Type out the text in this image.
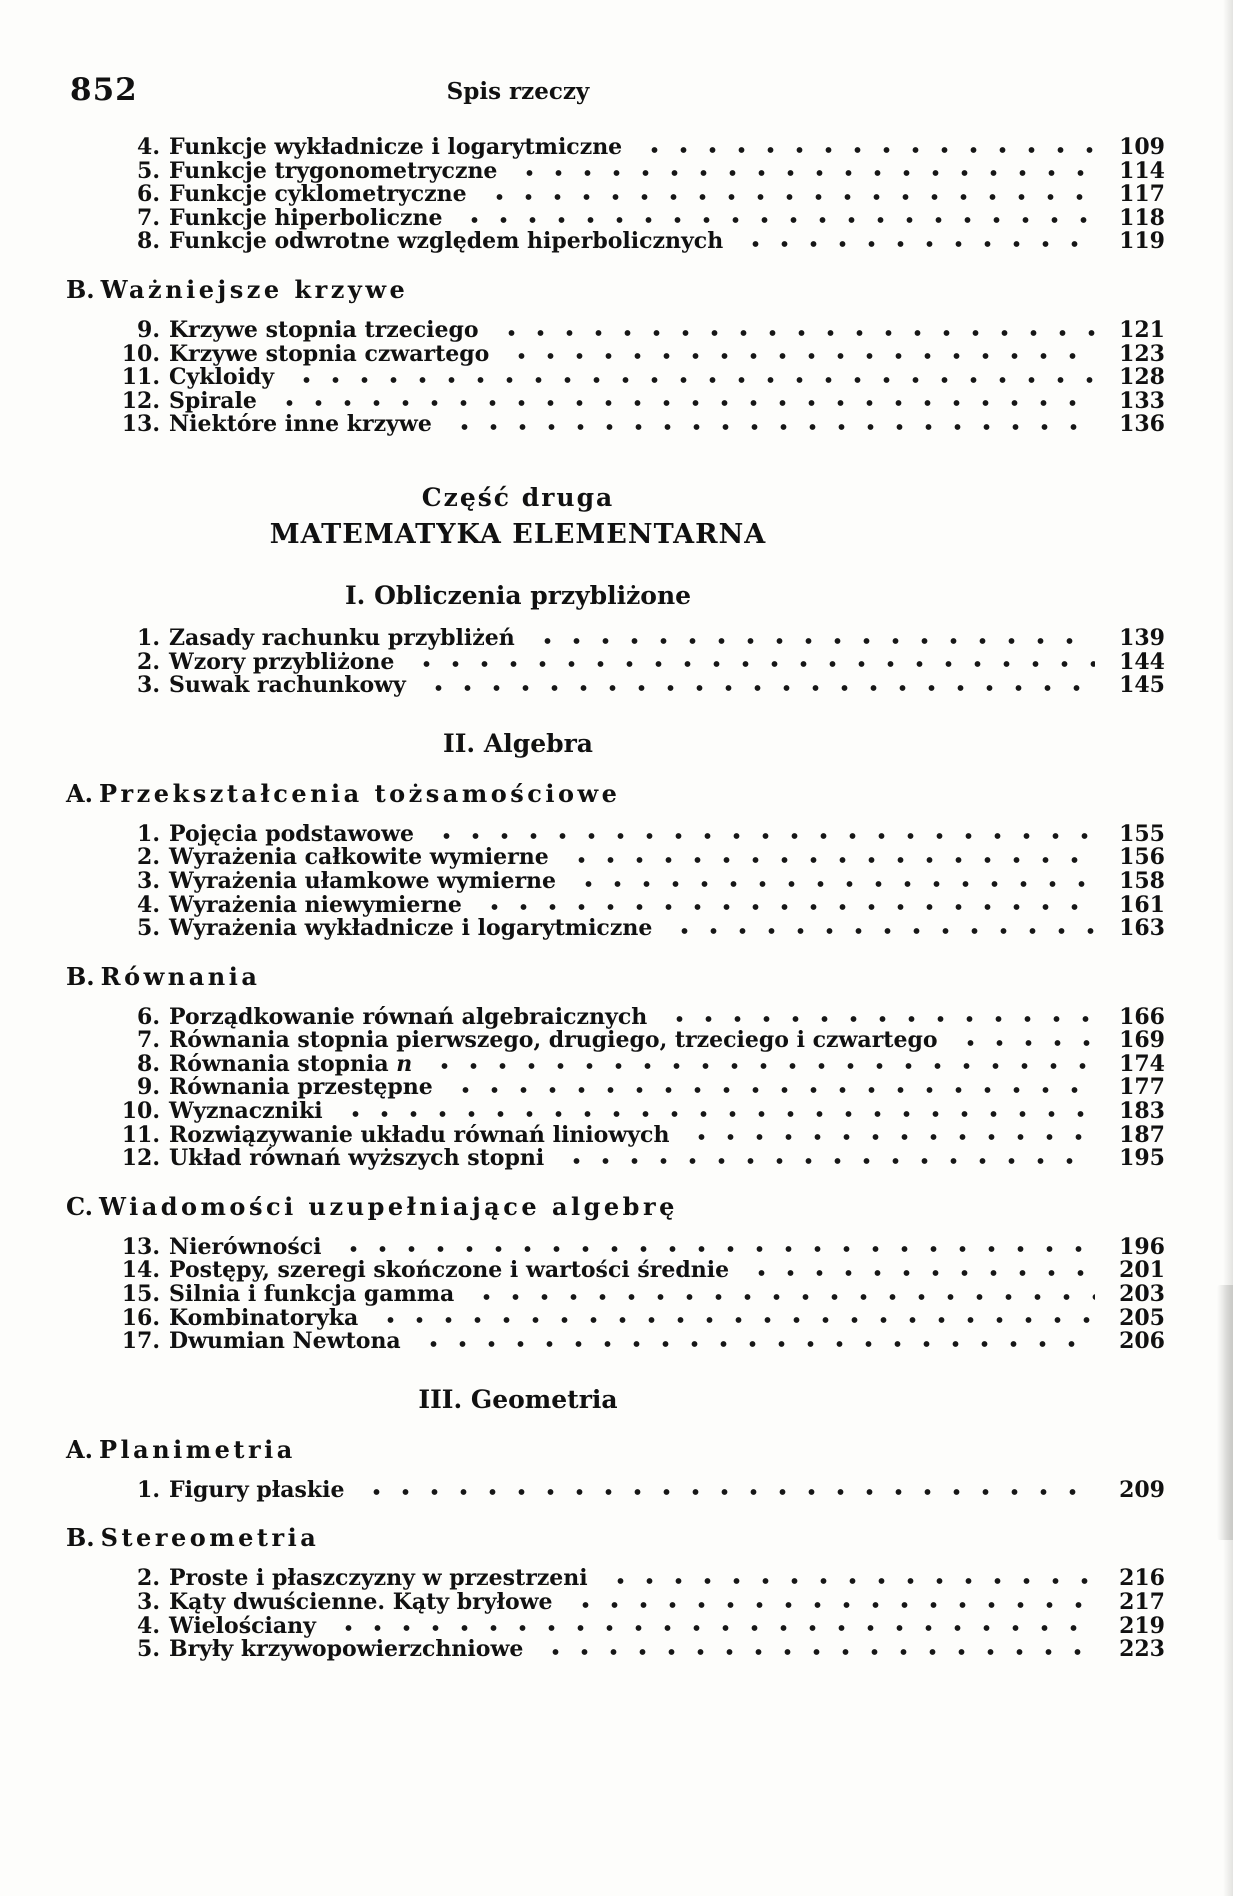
852	Spis rzeczy
4. Funkcje wykładnicze i logarytmiczne	109
5. Funkcje trygonometryczne	114
6. Funkcje cyklometryczne	117
7. Funkcje hiperboliczne	118
8. Funkcje odwrotne względem hiperbolicznych	119
B. Ważniejsze krzywe
9. Krzywe stopnia trzeciego	121
10. Krzywe stopnia czwartego	123
11. Cykloidy	128
12. Spirale	133
13. Niektóre inne krzywe	136
Część druga
MATEMATYKA ELEMENTARNA
I. Obliczenia przybliżone
1. Zasady rachunku przybliżeń	139
2. Wzory przybliżone	144
3. Suwak rachunkowy	145
II. Algebra
A. Przekształcenia tożsamościowe
1. Pojęcia podstawowe	155
2. Wyrażenia całkowite wymierne	156
3. Wyrażenia ułamkowe wymierne	158
4. Wyrażenia niewymierne	161
5. Wyrażenia wykładnicze i logarytmiczne	163
B. Równania
6. Porządkowanie równań algebraicznych	166
7. Równania stopnia pierwszego, drugiego, trzeciego i czwartego	169
8. Równania stopnia n	174
9. Równania przestępne	177
10. Wyznaczniki	183
11. Rozwiązywanie układu równań liniowych	187
12. Układ równań wyższych stopni	195
C. Wiadomości uzupełniające algebrę
13. Nierówności	196
14. Postępy, szeregi skończone i wartości średnie	201
15. Silnia i funkcja gamma	203
16. Kombinatoryka	205
17. Dwumian Newtona	206
III. Geometria
A. Planimetria
1. Figury płaskie	209
B. Stereometria
2. Proste i płaszczyzny w przestrzeni	216
3. Kąty dwuścienne. Kąty bryłowe	217
4. Wielościany	219
5. Bryły krzywopowierzchniowe	223
